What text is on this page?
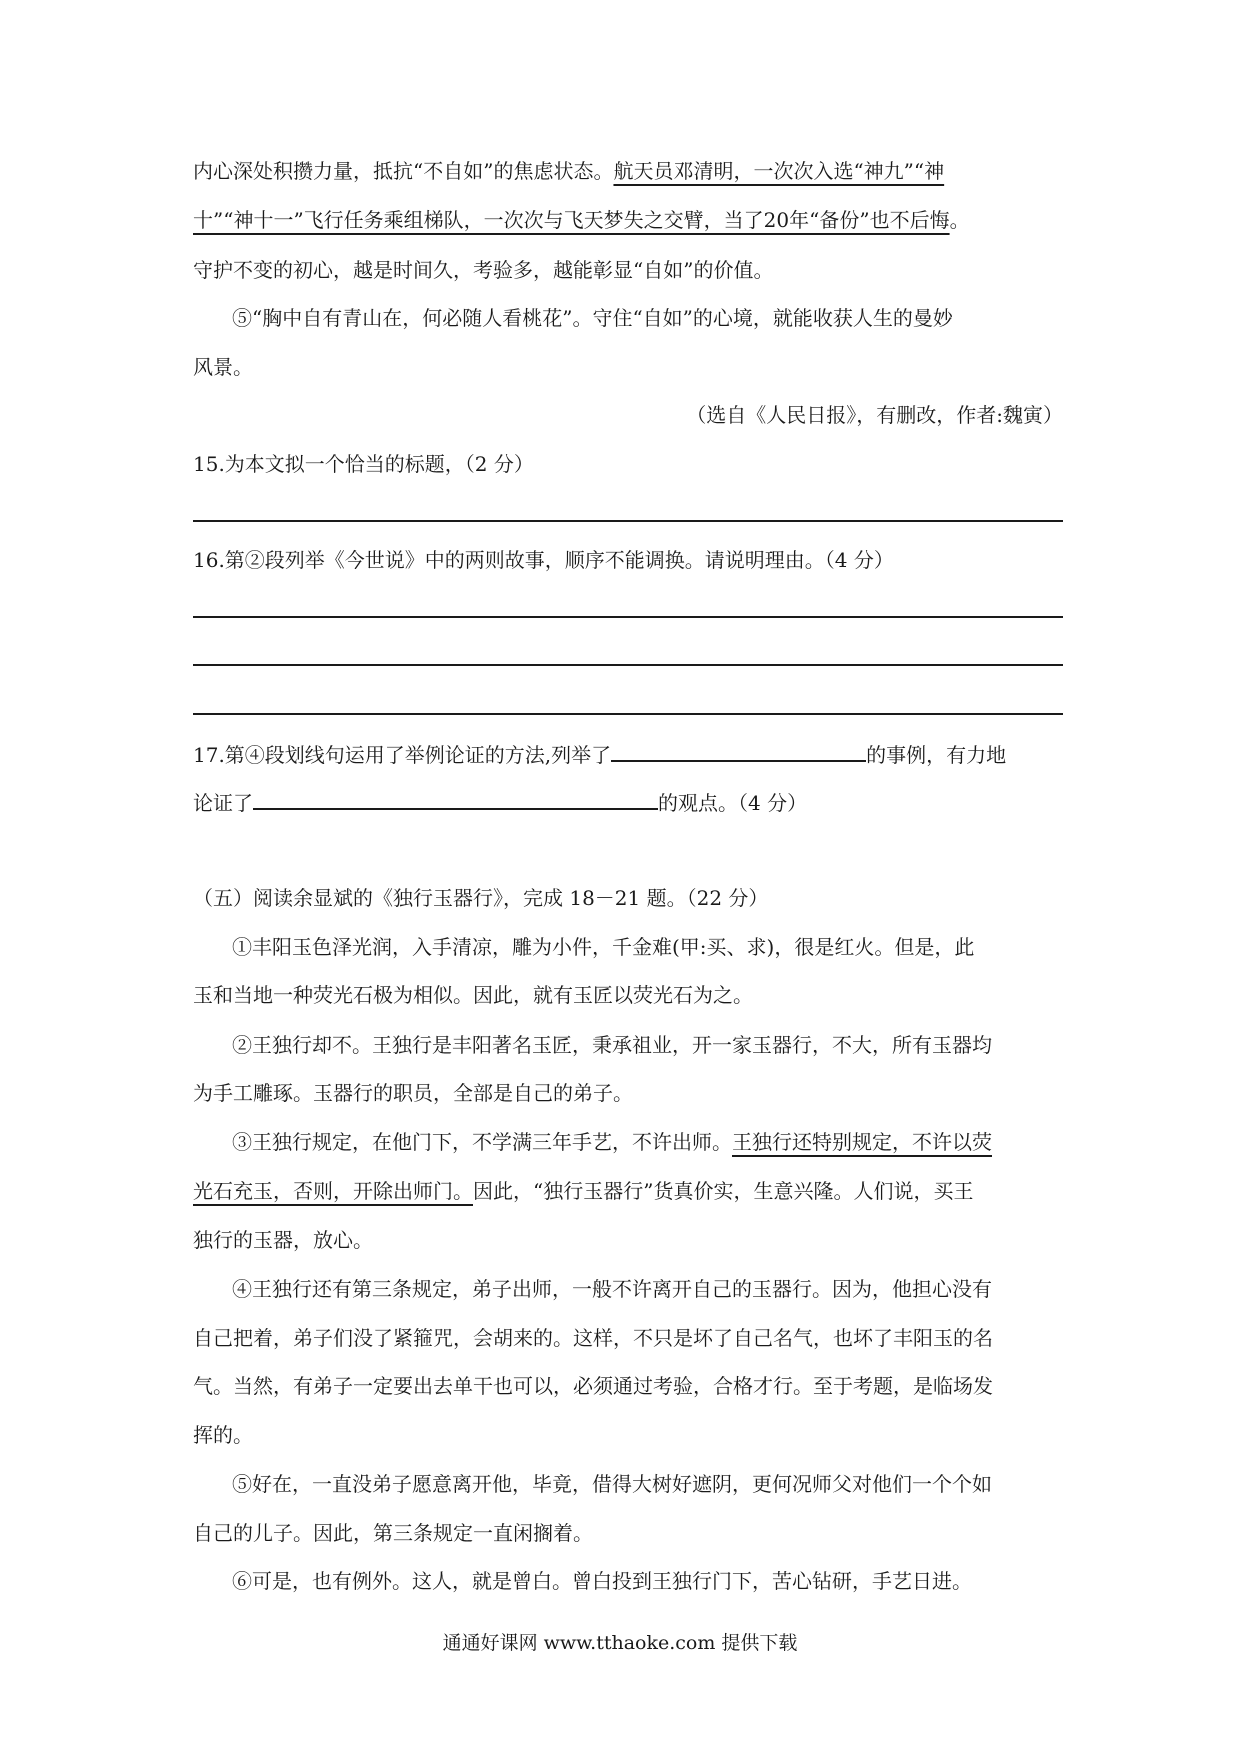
内心深处积攒力量，抵抗“不自如”的焦虑状态。航天员邓清明，一次次入选“神九”“神
十”“神十一”飞行任务乘组梯队，一次次与飞天梦失之交臂，当了20年“备份”也不后悔。
守护不变的初心，越是时间久，考验多，越能彰显“自如”的价值。
⑤“胸中自有青山在，何必随人看桃花”。守住“自如”的心境，就能收获人生的曼妙
风景。
（选自《人民日报》，有删改，作者:魏寅）
15.为本文拟一个恰当的标题，（2 分）
16.第②段列举《今世说》中的两则故事，顺序不能调换。请说明理由。（4 分）
17.第④段划线句运用了举例论证的方法,列举了	的事例，有力地
论证了	的观点。（4 分）
（五）阅读余显斌的《独行玉器行》，完成 18－21 题。（22 分）
①丰阳玉色泽光润，入手清凉，雕为小件，千金难(甲:买、求)，很是红火。但是，此
玉和当地一种荧光石极为相似。因此，就有玉匠以荧光石为之。
②王独行却不。王独行是丰阳著名玉匠，秉承祖业，开一家玉器行，不大，所有玉器均
为手工雕琢。玉器行的职员，全部是自己的弟子。
③王独行规定，在他门下，不学满三年手艺，不许出师。王独行还特别规定，不许以荧
光石充玉，否则，开除出师门。因此，“独行玉器行”货真价实，生意兴隆。人们说，买王
独行的玉器，放心。
④王独行还有第三条规定，弟子出师，一般不许离开自己的玉器行。因为，他担心没有
自己把着，弟子们没了紧箍咒，会胡来的。这样，不只是坏了自己名气，也坏了丰阳玉的名
气。当然，有弟子一定要出去单干也可以，必须通过考验，合格才行。至于考题，是临场发
挥的。
⑤好在，一直没弟子愿意离开他，毕竟，借得大树好遮阴，更何况师父对他们一个个如
自己的儿子。因此，第三条规定一直闲搁着。
⑥可是，也有例外。这人，就是曾白。曾白投到王独行门下，苦心钻研，手艺日进。
通通好课网 www.tthaoke.com 提供下载
